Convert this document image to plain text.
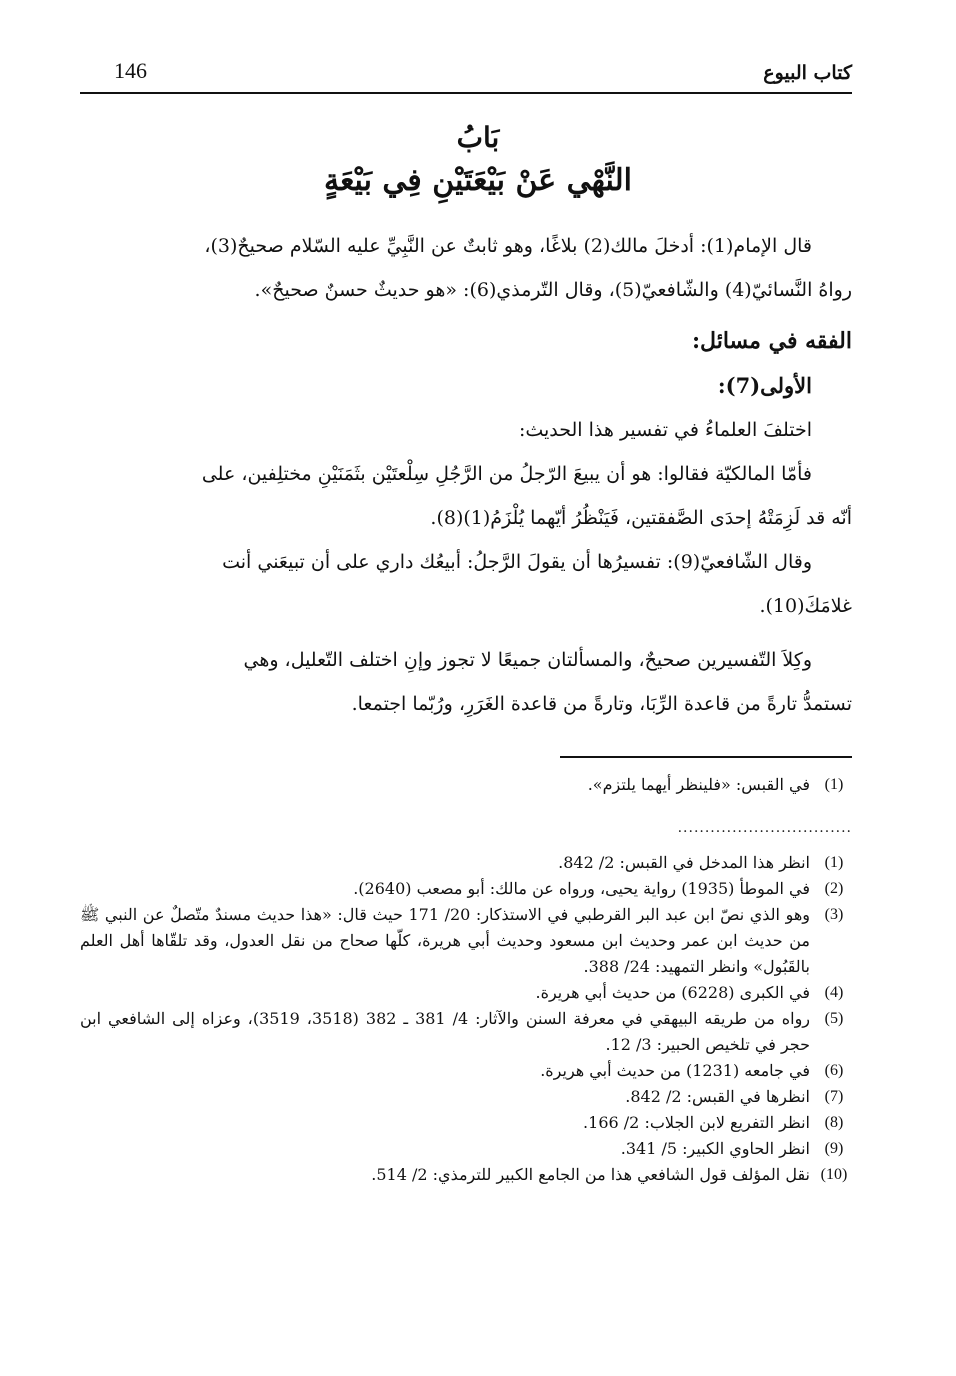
146	كتاب البيوع
بَابُ
النَّهْي عَنْ بَيْعَتَيْنِ فِي بَيْعَةٍ

قال الإمام(1): أدخلَ مالك(2) بلاغًا، وهو ثابتٌ عن النَّبِيِّ عليه السّلام صحيحٌ(3)،

رواهُ النَّسائيّ(4) والشّافعيّ(5)، وقال التّرمذي(6): «هو حديثٌ حسنٌ صحيحٌ».

الفقه في مسائل:

الأولى(7):

اختلفَ العلماءُ في تفسير هذا الحديث:

فأمّا المالكيّة فقالوا: هو أن يبيعَ الرّجلُ من الرَّجُلِ سِلْعتَيْن بثَمَنَيْنِ مختلِفين، على

أنّه قد لَزِمَتْهُ إحدَى الصَّفقتين، فَيَنْظُرُ أيّهما يُلْزَمُ(1)(8).

وقال الشّافعيّ(9): تفسيرُها أن يقولَ الرَّجلُ: أبيعُك داري على أن تبيعَني أنت

غلامَكَ(10).

وكِلاَ التّفسيرين صحيحٌ، والمسألتان جميعًا لا تجوز وإنِ اختلف التّعليل، وهي

تستمدُّ تارةً من قاعدة الرِّبَا، وتارةً من قاعدة الغَرَرِ، ورُبّما اجتمعا.

(1)
في القبس: «فلينظر أيهما يلتزم».
................................
(1)
انظر هذا المدخل في القبس: 2/ 842.
(2)
في الموطأ (1935) رواية يحيى، ورواه عن مالك: أبو مصعب (2640).
(3)
وهو الذي نصّ ابن عبد البر القرطبي في الاستذكار: 20/ 171 حيث قال: «هذا حديث مسندٌ متّصلٌ عن النبي ﷺ من حديث ابن عمر وحديث ابن مسعود وحديث أبي هريرة، كلّها صحاح من نقل العدول، وقد تلقّاها أهل العلم بالقَبُول» وانظر التمهيد: 24/ 388.
(4)
في الكبرى (6228) من حديث أبي هريرة.
(5)
رواه من طريقه البيهقي في معرفة السنن والآثار: 4/ 381 ـ 382 (3518، 3519)، وعزاه إلى الشافعي ابن حجر في تلخيص الحبير: 3/ 12.
(6)
في جامعه (1231) من حديث أبي هريرة.
(7)
انظرها في القبس: 2/ 842.
(8)
انظر التفريع لابن الجلاب: 2/ 166.
(9)
انظر الحاوي الكبير: 5/ 341.
(10)
نقل المؤلف قول الشافعي هذا من الجامع الكبير للترمذي: 2/ 514.
